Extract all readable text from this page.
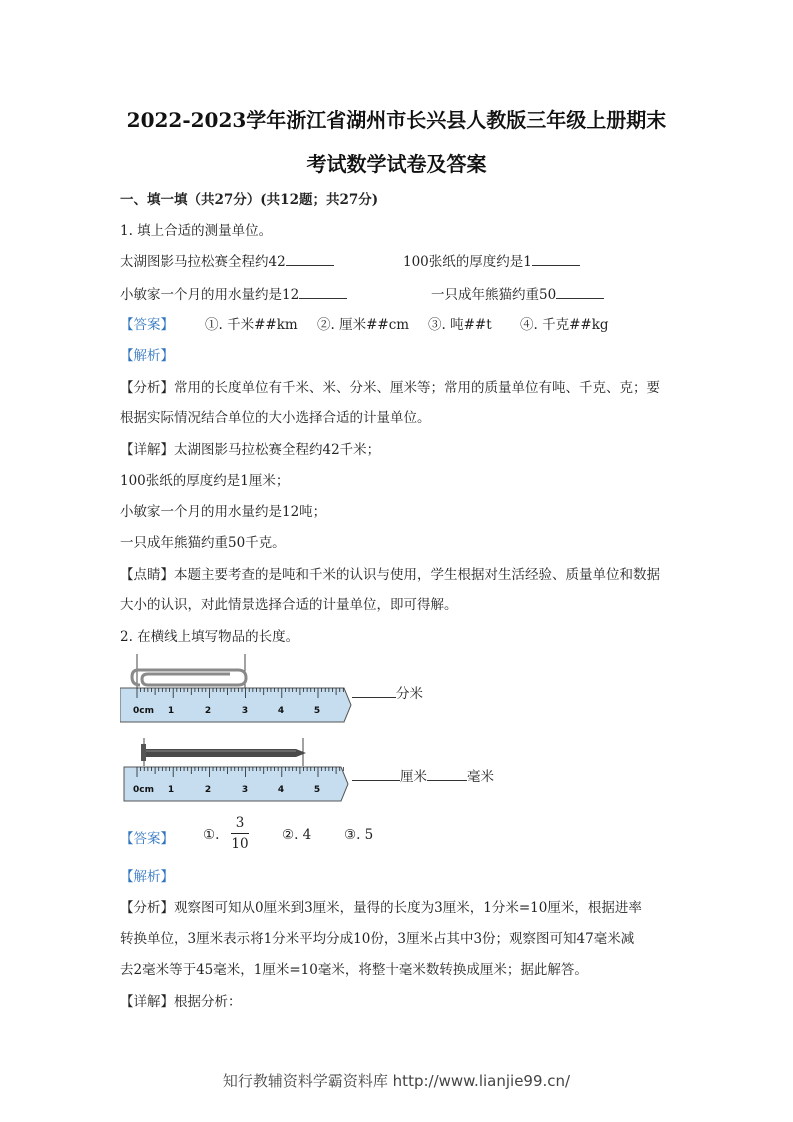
2022-2023学年浙江省湖州市长兴县人教版三年级上册期末
考试数学试卷及答案
一、填一填（共27分）(共12题；共27分)
1. 填上合适的测量单位。
太湖图影马拉松赛全程约42	100张纸的厚度约是1
小敏家一个月的用水量约是12	一只成年熊猫约重50
【答案】 ①. 千米##km ②. 厘米##cm ③. 吨##t ④. 千克##kg
【解析】
【分析】常用的长度单位有千米、米、分米、厘米等；常用的质量单位有吨、千克、克；要
根据实际情况结合单位的大小选择合适的计量单位。
【详解】太湖图影马拉松赛全程约42千米；
100张纸的厚度约是1厘米；
小敏家一个月的用水量约是12吨；
一只成年熊猫约重50千克。
【点睛】本题主要考查的是吨和千米的认识与使用，学生根据对生活经验、质量单位和数据
大小的认识，对此情景选择合适的计量单位，即可得解。
2. 在横线上填写物品的长度。
0cm 1	2	3	4	5
分米
0cm 1	2	3	4	5
厘米	毫米
【答案】 ①.
3
10
②. 4 ③. 5
【解析】
【分析】观察图可知从0厘米到3厘米，量得的长度为3厘米，1分米=10厘米，根据进率
转换单位，3厘米表示将1分米平均分成10份，3厘米占其中3份；观察图可知47毫米减
去2毫米等于45毫米，1厘米=10毫米，将整十毫米数转换成厘米；据此解答。
【详解】根据分析：
知行教辅资料学霸资料库 http://www.lianjie99.cn/
